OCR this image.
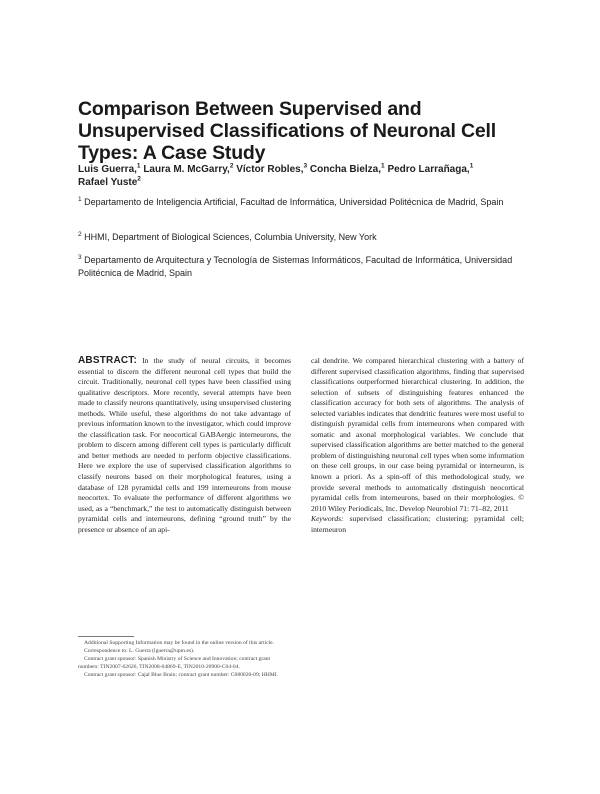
Comparison Between Supervised and Unsupervised Classifications of Neuronal Cell Types: A Case Study
Luis Guerra,$^1$ Laura M. McGarry,$^2$ Víctor Robles,$^3$ Concha Bielza,$^1$ Pedro Larrañaga,$^1$
Rafael Yuste$^2$
$^1$ Departamento de Inteligencia Artificial, Facultad de Informática, Universidad Politécnica de Madrid, Spain
$^2$ HHMI, Department of Biological Sciences, Columbia University, New York
$^3$ Departamento de Arquitectura y Tecnología de Sistemas Informáticos, Facultad de Informática, Universidad Politécnica de Madrid, Spain
ABSTRACT: In the study of neural circuits, it becomes essential to discern the different neuronal cell types that build the circuit. Traditionally, neuronal cell types have been classified using qualitative descriptors. More recently, several attempts have been made to classify neurons quantitatively, using unsupervised clustering methods. While useful, these algorithms do not take advantage of previous information known to the investigator, which could improve the classification task. For neocortical GABAergic interneurons, the problem to discern among different cell types is particularly difficult and better methods are needed to perform objective classifications. Here we explore the use of supervised classification algorithms to classify neurons based on their morphological features, using a database of 128 pyramidal cells and 199 interneurons from mouse neocortex. To evaluate the performance of different algorithms we used, as a “benchmark,” the test to automatically distinguish between pyramidal cells and interneurons, defining “ground truth” by the presence or absence of an api-
cal dendrite. We compared hierarchical clustering with a battery of different supervised classification algorithms, finding that supervised classifications outperformed hierarchical clustering. In addition, the selection of subsets of distinguishing features enhanced the classification accuracy for both sets of algorithms. The analysis of selected variables indicates that dendritic features were most useful to distinguish pyramidal cells from interneurons when compared with somatic and axonal morphological variables. We conclude that supervised classification algorithms are better matched to the general problem of distinguishing neuronal cell types when some information on these cell groups, in our case being pyramidal or interneuron, is known a priori. As a spin-off of this methodological study, we provide several methods to automatically distinguish neocortical pyramidal cells from interneurons, based on their morphologies. © 2010 Wiley Periodicals, Inc. Develop Neurobiol 71: 71–82, 2011
Keywords: supervised classification; clustering; pyramidal cell; interneuron

Additional Supporting Information may be found in the online version of this article.

Correspondence to: L. Guerra (lguerra@upm.es).

Contract grant sponsor: Spanish Ministry of Science and Innovation; contract grant numbers: TIN2007-62626, TIN2008-04869-E, TIN2010-20900-C04-04.

Contract grant sponsor: Cajal Blue Brain; contract grant number: C080020-09; HHMI.
